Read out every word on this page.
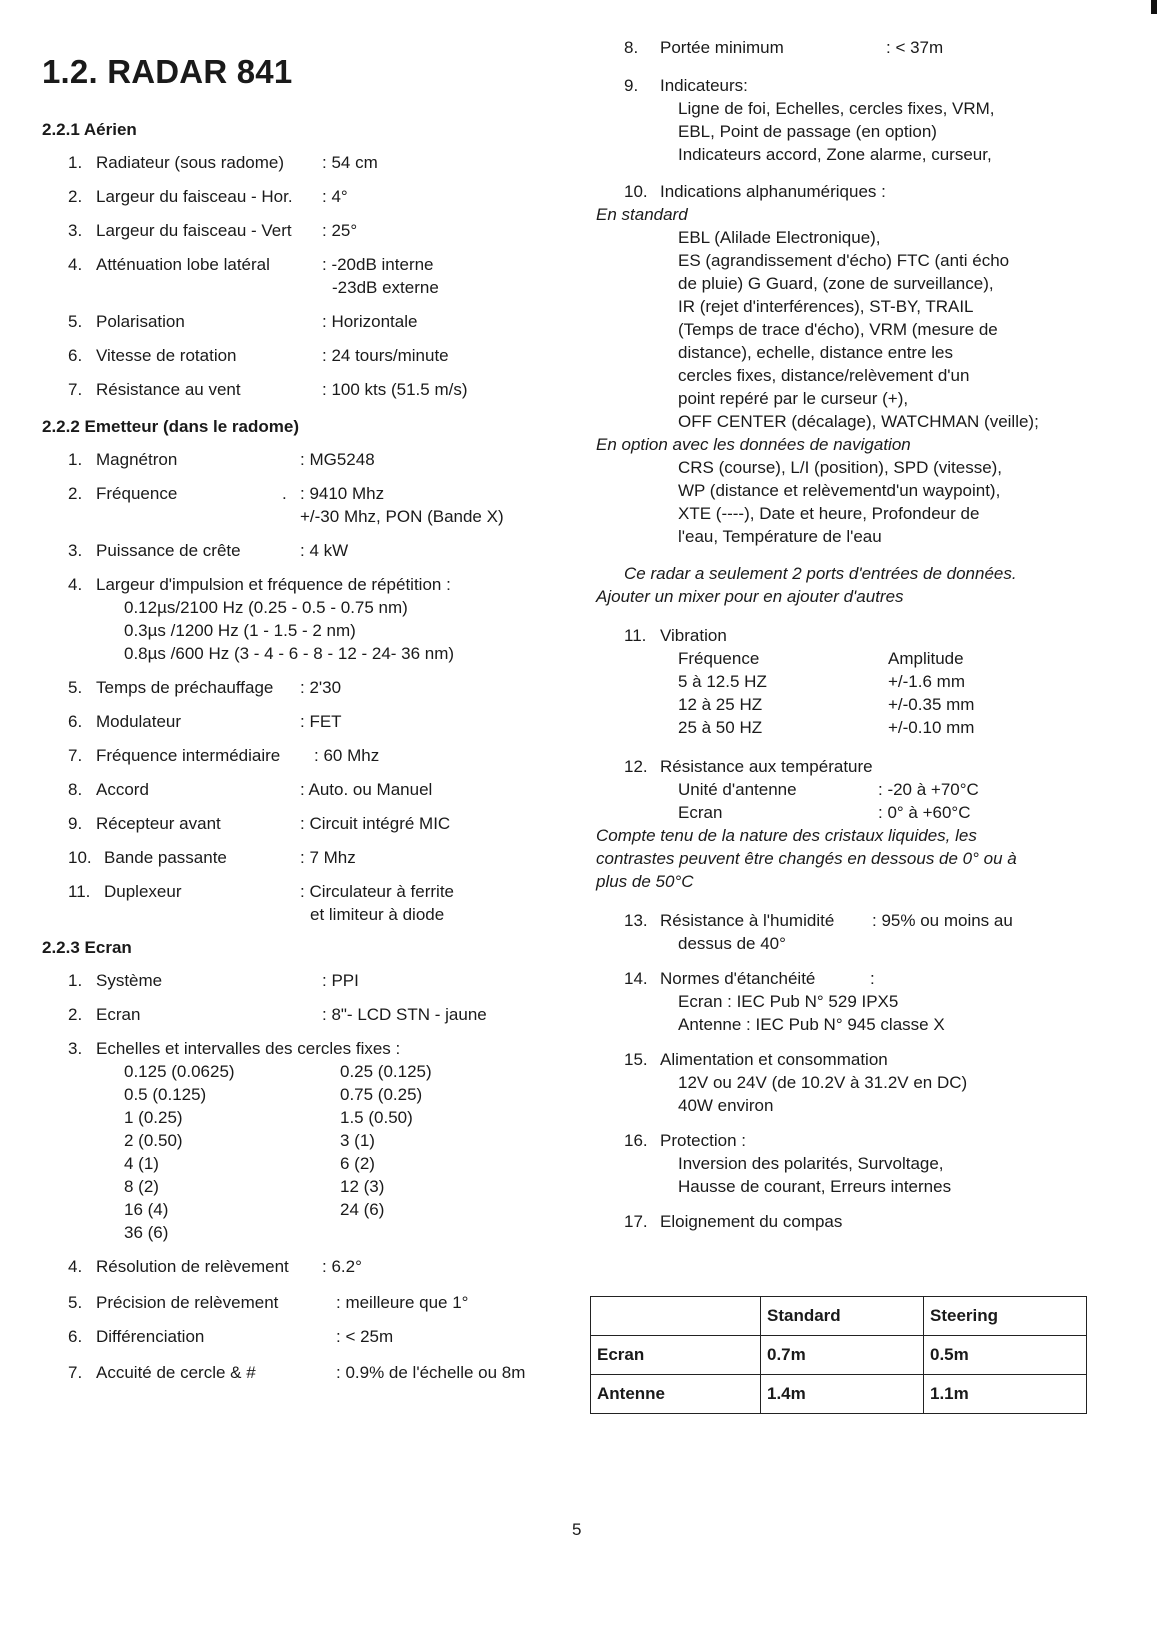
1.2. RADAR 841
2.2.1 Aérien
1. Radiateur (sous radome) : 54 cm
2. Largeur du faisceau - Hor. : 4°
3. Largeur du faisceau - Vert : 25°
4. Atténuation lobe latéral	: -20dB interne
-23dB externe
5. Polarisation	: Horizontale
6. Vitesse de rotation	: 24 tours/minute
7. Résistance au vent	: 100 kts (51.5 m/s)
2.2.2 Emetteur (dans le radome)
1. Magnétron	: MG5248
2. Fréquence	. : 9410 Mhz
+/-30 Mhz, PON (Bande X)
3. Puissance de crête	: 4 kW
4. Largeur d'impulsion et fréquence de répétition :
0.12µs/2100 Hz (0.25 - 0.5 - 0.75 nm)
0.3µs /1200 Hz (1 - 1.5 - 2 nm)
0.8µs /600 Hz (3 - 4 - 6 - 8 - 12 - 24- 36 nm)
5. Temps de préchauffage : 2'30
6. Modulateur	: FET
7. Fréquence intermédiaire : 60 Mhz
8. Accord	: Auto. ou Manuel
9. Récepteur avant	: Circuit intégré MIC
10. Bande passante	: 7 Mhz
11. Duplexeur	: Circulateur à ferrite
et limiteur à diode
2.2.3 Ecran
1. Système	: PPI
2. Ecran	: 8"- LCD STN - jaune
3. Echelles et intervalles des cercles fixes :
0.125 (0.0625)	0.25 (0.125)
0.5 (0.125)	0.75 (0.25)
1 (0.25)	1.5 (0.50)
2 (0.50)	3 (1)
4 (1)	6 (2)
8 (2)	12 (3)
16 (4)	24 (6)
36 (6)
4. Résolution de relèvement : 6.2°
5. Précision de relèvement	: meilleure que 1°
6. Différenciation	: < 25m
7. Accuité de cercle & #	: 0.9% de l'échelle ou 8m
8. Portée minimum	: < 37m
9. Indicateurs:
Ligne de foi, Echelles, cercles fixes, VRM,
EBL, Point de passage (en option)
Indicateurs accord, Zone alarme, curseur,
10. Indications alphanumériques :
En standard
EBL (Alilade Electronique),
ES (agrandissement d'écho) FTC (anti écho
de pluie) G Guard, (zone de surveillance),
IR (rejet d'interférences), ST-BY, TRAIL
(Temps de trace d'écho), VRM (mesure de
distance), echelle, distance entre les
cercles fixes, distance/relèvement d'un
point repéré par le curseur (+),
OFF CENTER (décalage), WATCHMAN (veille);
En option avec les données de navigation
CRS (course), L/I (position), SPD (vitesse),
WP (distance et relèvementd'un waypoint),
XTE (----), Date et heure, Profondeur de
l'eau, Température de l'eau
Ce radar a seulement 2 ports d'entrées de données.
Ajouter un mixer pour en ajouter d'autres
11. Vibration
Fréquence	Amplitude
5 à 12.5 HZ	+/-1.6 mm
12 à 25 HZ	+/-0.35 mm
25 à 50 HZ	+/-0.10 mm
12. Résistance aux température
Unité d'antenne	: -20 à +70°C
Ecran	: 0° à +60°C
Compte tenu de la nature des cristaux liquides, les
contrastes peuvent être changés en dessous de 0° ou à
plus de 50°C
13. Résistance à l'humidité : 95% ou moins au
dessus de 40°
14. Normes d'étanchéité	:
Ecran : IEC Pub N° 529 IPX5
Antenne : IEC Pub N° 945 classe X
15. Alimentation et consommation
12V ou 24V (de 10.2V à 31.2V en DC)
40W environ
16. Protection :
Inversion des polarités, Survoltage,
Hausse de courant, Erreurs internes
17. Eloignement du compas
	Standard	Steering
Ecran	0.7m	0.5m
Antenne	1.4m	1.1m
5
